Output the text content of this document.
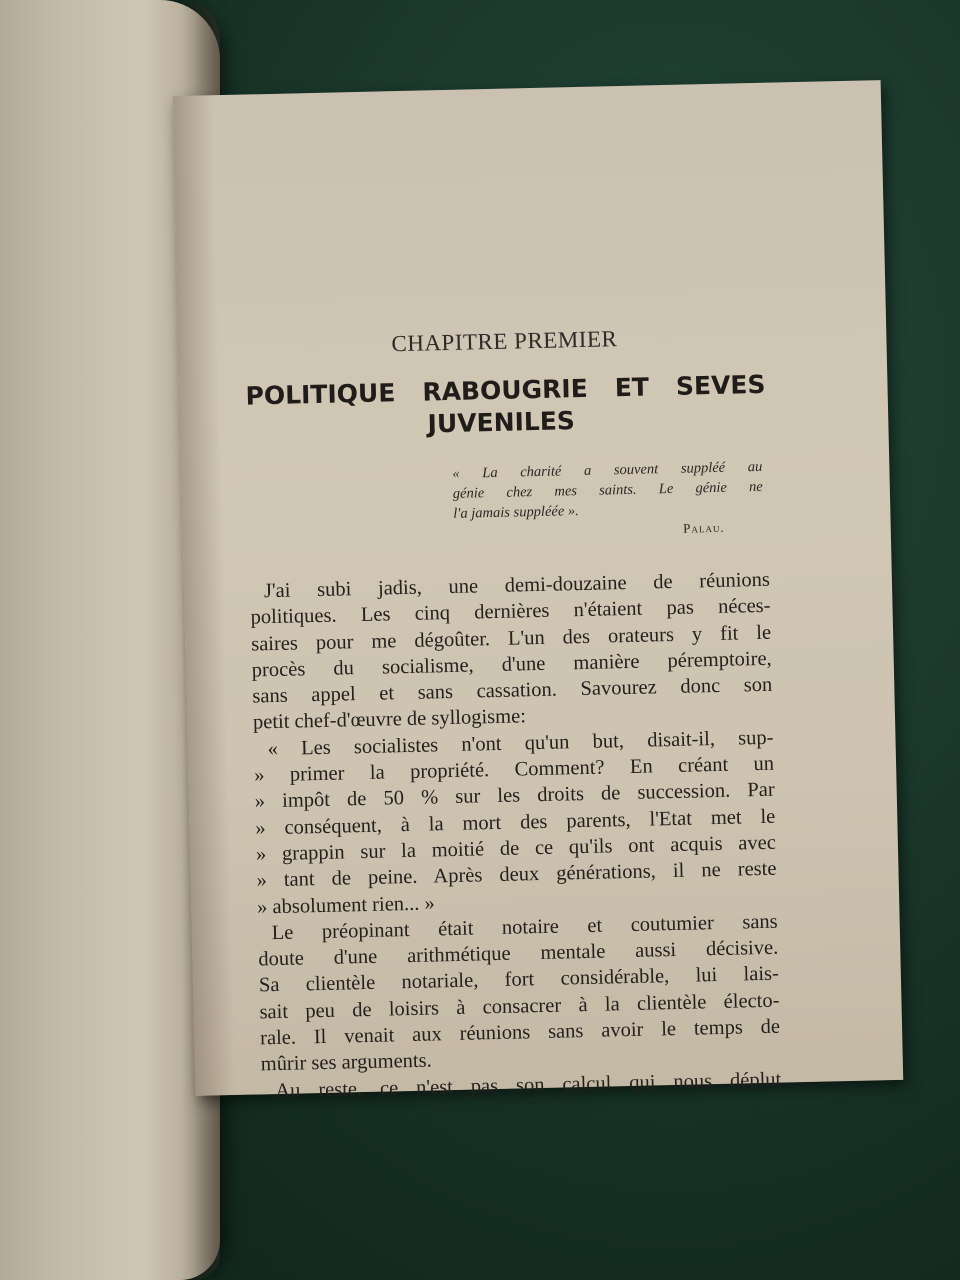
CHAPITRE PREMIER
POLITIQUE RABOUGRIE ET SEVES
JUVENILES
« La charité a souvent suppléé au
génie chez mes saints. Le génie ne
l'a jamais suppléée ».
Palau.

J'ai subi jadis, une demi-douzaine de réunions
politiques. Les cinq dernières n'étaient pas néces-
saires pour me dégoûter. L'un des orateurs y fit le
procès du socialisme, d'une manière péremptoire,
sans appel et sans cassation. Savourez donc son
petit chef-d'œuvre de syllogisme:

« Les socialistes n'ont qu'un but, disait-il, sup-
» primer la propriété. Comment? En créant un
» impôt de 50 % sur les droits de succession. Par
» conséquent, à la mort des parents, l'Etat met le
» grappin sur la moitié de ce qu'ils ont acquis avec
» tant de peine. Après deux générations, il ne reste
» absolument rien... »

Le préopinant était notaire et coutumier sans
doute d'une arithmétique mentale aussi décisive.
Sa clientèle notariale, fort considérable, lui lais-
sait peu de loisirs à consacrer à la clientèle électo-
rale. Il venait aux réunions sans avoir le temps de
mûrir ses arguments.

Au reste, ce n'est pas son calcul qui nous déplut
